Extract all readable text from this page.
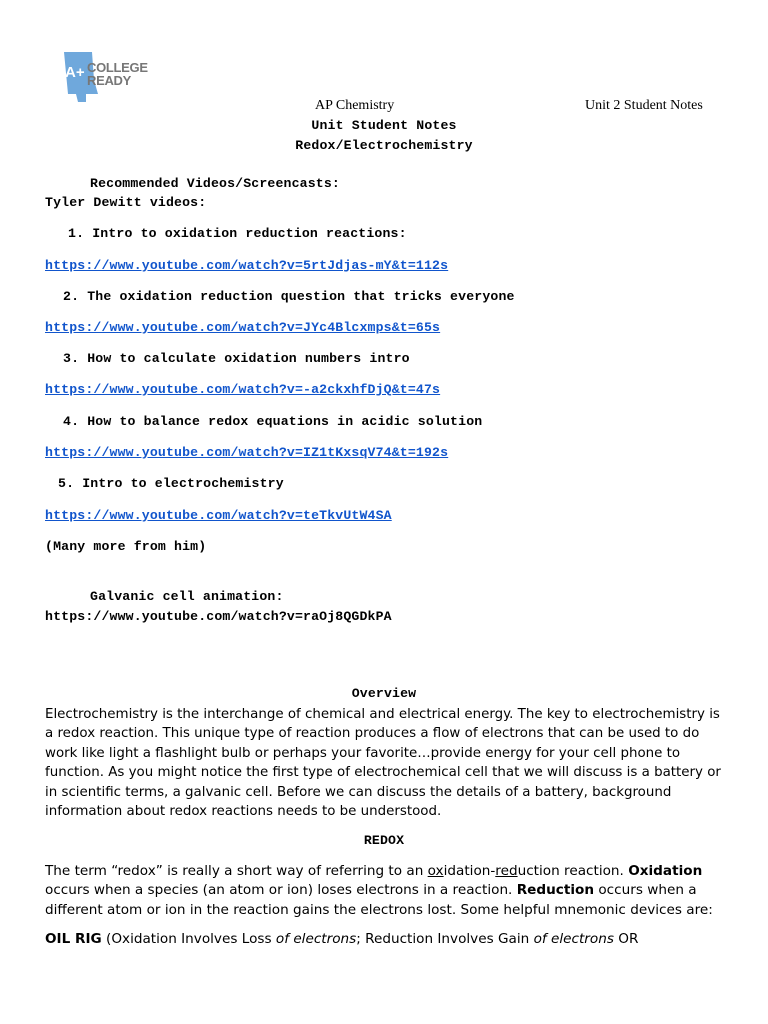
A+ COLLEGE
READY
AP Chemistry	Unit 2 Student Notes
Unit Student Notes
Redox/Electrochemistry
Recommended Videos/Screencasts:
Tyler Dewitt videos:
1. Intro to oxidation reduction reactions:
https://www.youtube.com/watch?v=5rtJdjas-mY&t=112s
2. The oxidation reduction question that tricks everyone
https://www.youtube.com/watch?v=JYc4Blcxmps&t=65s
3. How to calculate oxidation numbers intro
https://www.youtube.com/watch?v=-a2ckxhfDjQ&t=47s
4. How to balance redox equations in acidic solution
https://www.youtube.com/watch?v=IZ1tKxsqV74&t=192s
5. Intro to electrochemistry
https://www.youtube.com/watch?v=teTkvUtW4SA
(Many more from him)
Galvanic cell animation:
https://www.youtube.com/watch?v=raOj8QGDkPA
Overview

Electrochemistry is the interchange of chemical and electrical energy. The key to electrochemistry is a redox reaction. This unique type of reaction produces a flow of electrons that can be used to do work like light a flashlight bulb or perhaps your favorite…provide energy for your cell phone to function. As you might notice the first type of electrochemical cell that we will discuss is a battery or in scientific terms, a galvanic cell. Before we can discuss the details of a battery, background information about redox reactions needs to be understood.

REDOX

The term “redox” is really a short way of referring to an oxidation-reduction reaction. Oxidation occurs when a species (an atom or ion) loses electrons in a reaction. Reduction occurs when a different atom or ion in the reaction gains the electrons lost. Some helpful mnemonic devices are:

OIL RIG (Oxidation Involves Loss of electrons; Reduction Involves Gain of electrons OR
